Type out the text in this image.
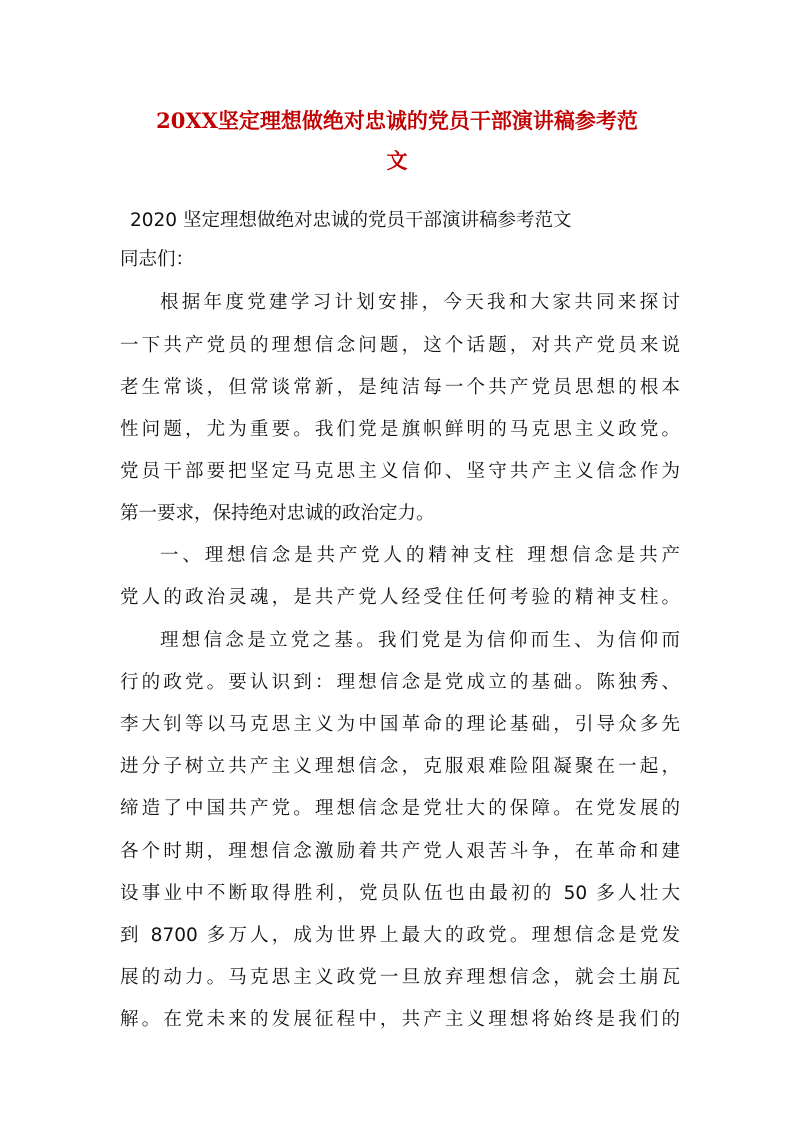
20XX坚定理想做绝对忠诚的党员干部演讲稿参考范
文
2020 坚定理想做绝对忠诚的党员干部演讲稿参考范文
同志们：
根据年度党建学习计划安排，今天我和大家共同来探讨
一下共产党员的理想信念问题，这个话题，对共产党员来说
老生常谈，但常谈常新，是纯洁每一个共产党员思想的根本
性问题，尤为重要。我们党是旗帜鲜明的马克思主义政党。
党员干部要把坚定马克思主义信仰、坚守共产主义信念作为
第一要求，保持绝对忠诚的政治定力。
一、理想信念是共产党人的精神支柱 理想信念是共产
党人的政治灵魂，是共产党人经受住任何考验的精神支柱。
理想信念是立党之基。我们党是为信仰而生、为信仰而
行的政党。要认识到：理想信念是党成立的基础。陈独秀、
李大钊等以马克思主义为中国革命的理论基础，引导众多先
进分子树立共产主义理想信念，克服艰难险阻凝聚在一起，
缔造了中国共产党。理想信念是党壮大的保障。在党发展的
各个时期，理想信念激励着共产党人艰苦斗争，在革命和建
设事业中不断取得胜利，党员队伍也由最初的 50 多人壮大
到 8700 多万人，成为世界上最大的政党。理想信念是党发
展的动力。马克思主义政党一旦放弃理想信念，就会土崩瓦
解。在党未来的发展征程中，共产主义理想将始终是我们的
